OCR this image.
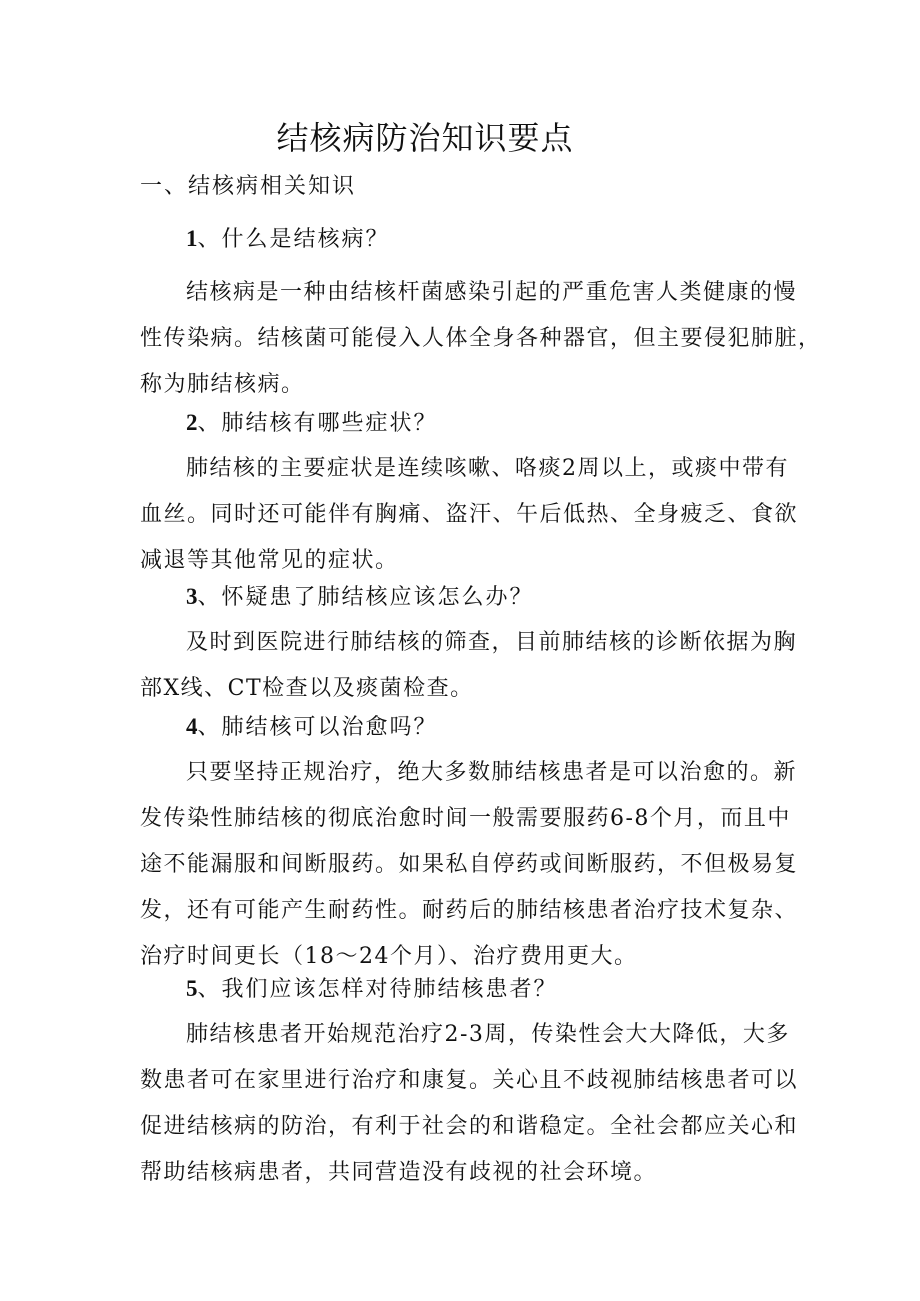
结核病防治知识要点
一、结核病相关知识
1、什么是结核病？
结核病是一种由结核杆菌感染引起的严重危害人类健康的慢
性传染病。结核菌可能侵入人体全身各种器官，但主要侵犯肺脏，
称为肺结核病。
2、肺结核有哪些症状？
肺结核的主要症状是连续咳嗽、咯痰2周以上，或痰中带有
血丝。同时还可能伴有胸痛、盗汗、午后低热、全身疲乏、食欲
减退等其他常见的症状。
3、怀疑患了肺结核应该怎么办？
及时到医院进行肺结核的筛查，目前肺结核的诊断依据为胸
部X线、CT检查以及痰菌检查。
4、肺结核可以治愈吗？
只要坚持正规治疗，绝大多数肺结核患者是可以治愈的。新
发传染性肺结核的彻底治愈时间一般需要服药6-8个月，而且中
途不能漏服和间断服药。如果私自停药或间断服药，不但极易复
发，还有可能产生耐药性。耐药后的肺结核患者治疗技术复杂、
治疗时间更长（18～24个月）、治疗费用更大。
5、我们应该怎样对待肺结核患者？
肺结核患者开始规范治疗2-3周，传染性会大大降低，大多
数患者可在家里进行治疗和康复。关心且不歧视肺结核患者可以
促进结核病的防治，有利于社会的和谐稳定。全社会都应关心和
帮助结核病患者，共同营造没有歧视的社会环境。
